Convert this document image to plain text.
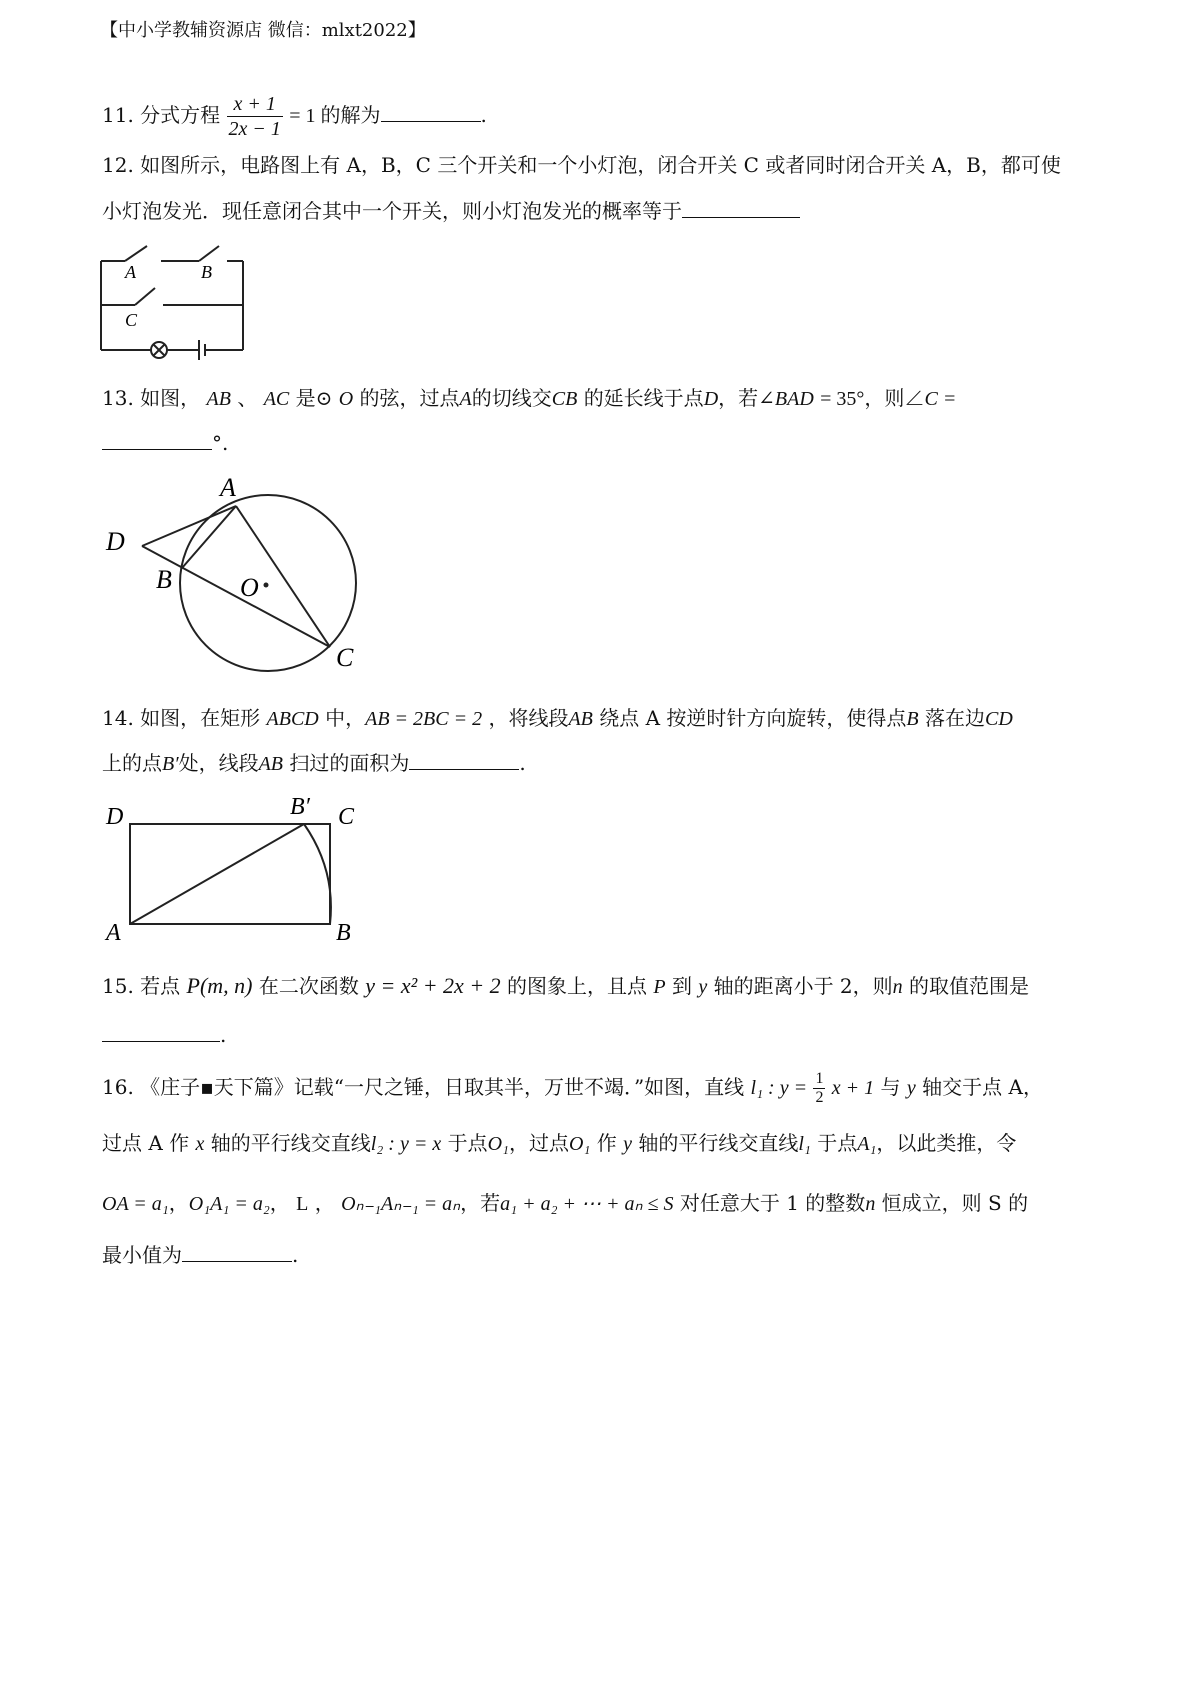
【中小学教辅资源店 微信：mlxt2022】
11. 分式方程 $\frac{x + 1}{2x - 1} = 1$ 的解为	.
12. 如图所示，电路图上有 A，B，C 三个开关和一个小灯泡，闭合开关 C 或者同时闭合开关 A，B，都可使
小灯泡发光．现任意闭合其中一个开关，则小灯泡发光的概率等于
A	B
C
13. 如图， AB 、 AC 是⊙ O 的弦，过点A的切线交CB 的延长线于点D，若∠BAD = 35°，则∠C =
°.
A
D
B	O
C
14. 如图，在矩形 ABCD 中，AB = 2BC = 2 ，将线段AB 绕点 A 按逆时针方向旋转，使得点B 落在边CD
上的点B′处，线段AB 扫过的面积为	.
D	B′ C
A	B
15. 若点 P(m, n) 在二次函数 y = x² + 2x + 2 的图象上，且点 P 到 y 轴的距离小于 2，则n 的取值范围是
.
16. 《庄子▪天下篇》记载“一尺之锤，日取其半，万世不竭．”如图，直线 l₁ : $y = \frac{1}{2}$ x + 1 与 y 轴交于点 A，
过点 A 作 x 轴的平行线交直线l₂ : y = x 于点O₁，过点O₁ 作 y 轴的平行线交直线l₁ 于点A₁，以此类推，令
OA = a₁，O₁A₁ = a₂， L ， Oₙ₋₁Aₙ₋₁ = aₙ，若a₁ + a₂ + ⋯ + aₙ ≤ S 对任意大于 1 的整数n 恒成立，则 S 的
最小值为	.
